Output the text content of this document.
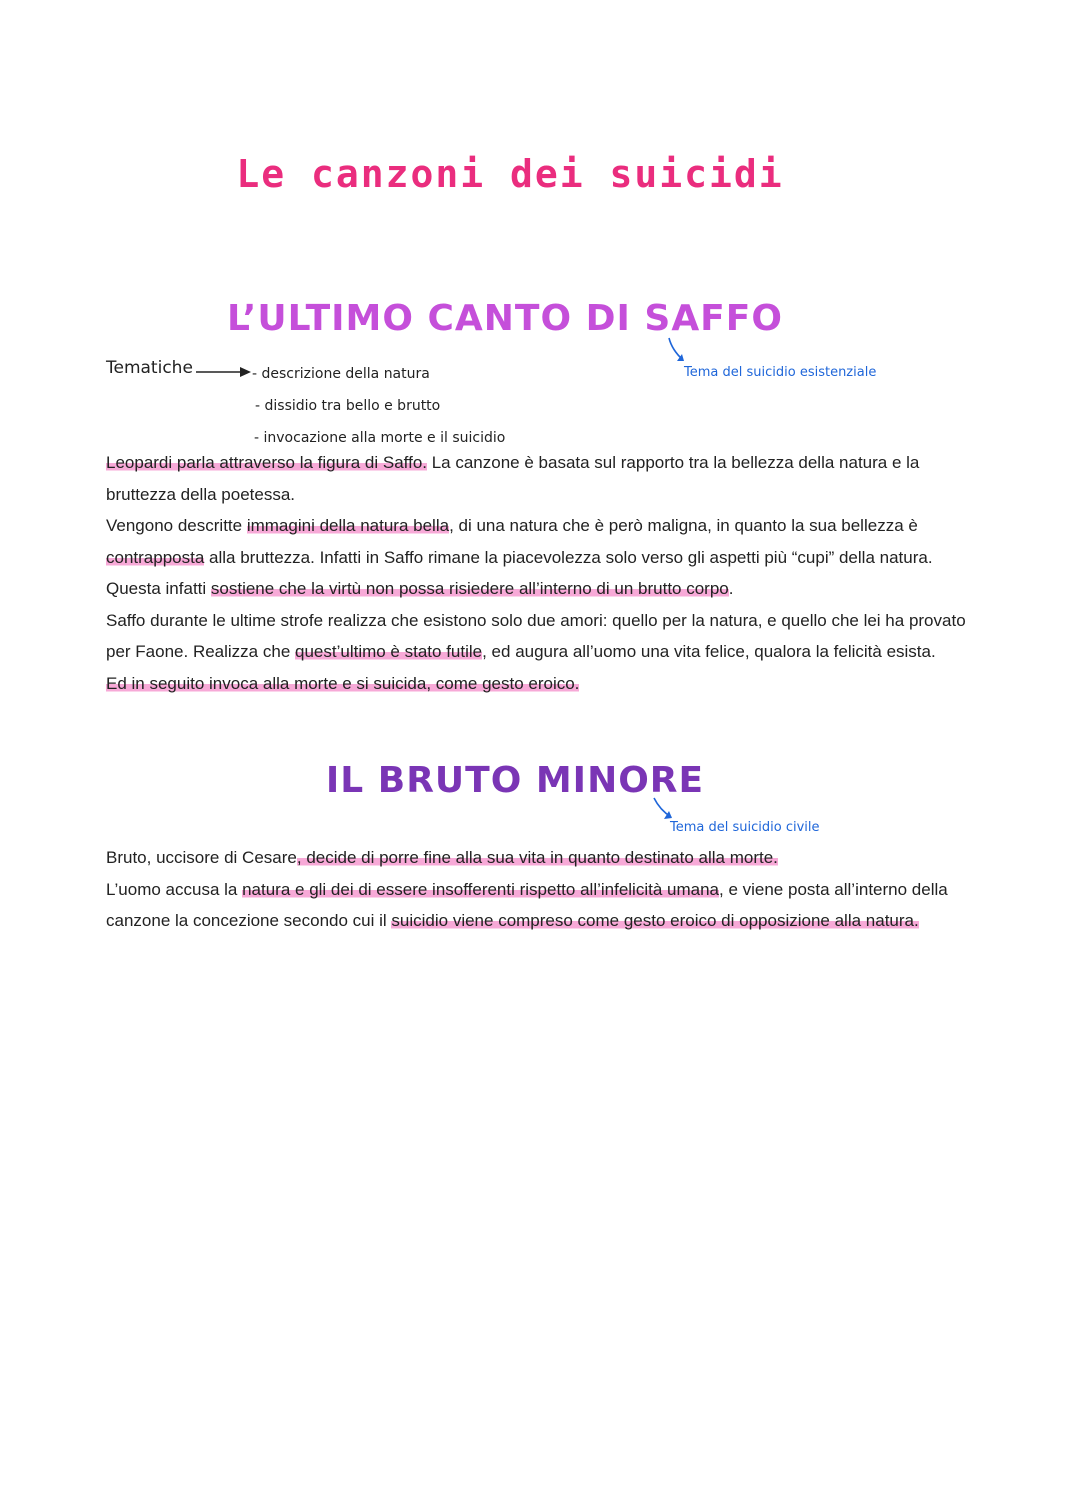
Le canzoni dei suicidi
L’ULTIMO CANTO DI SAFFO
Tema del suicidio esistenziale
Tematiche	- descrizione della natura
- dissidio tra bello e brutto
- invocazione alla morte e il suicidio

Leopardi parla attraverso la figura di Saffo. La canzone è basata sul rapporto tra la bellezza della natura e la bruttezza della poetessa.
Vengono descritte immagini della natura bella, di una natura che è però maligna, in quanto la sua bellezza è contrapposta alla bruttezza. Infatti in Saffo rimane la piacevolezza solo verso gli aspetti più “cupi” della natura.
Questa infatti sostiene che la virtù non possa risiedere all’interno di un brutto corpo.
Saffo durante le ultime strofe realizza che esistono solo due amori: quello per la natura, e quello che lei ha provato per Faone. Realizza che quest’ultimo è stato futile, ed augura all’uomo una vita felice, qualora la felicità esista.
Ed in seguito invoca alla morte e si suicida, come gesto eroico.

IL BRUTO MINORE
Tema del suicidio civile

Bruto, uccisore di Cesare, decide di porre fine alla sua vita in quanto destinato alla morte.
L’uomo accusa la natura e gli dei di essere insofferenti rispetto all’infelicità umana, e viene posta all’interno della canzone la concezione secondo cui il suicidio viene compreso come gesto eroico di opposizione alla natura.
